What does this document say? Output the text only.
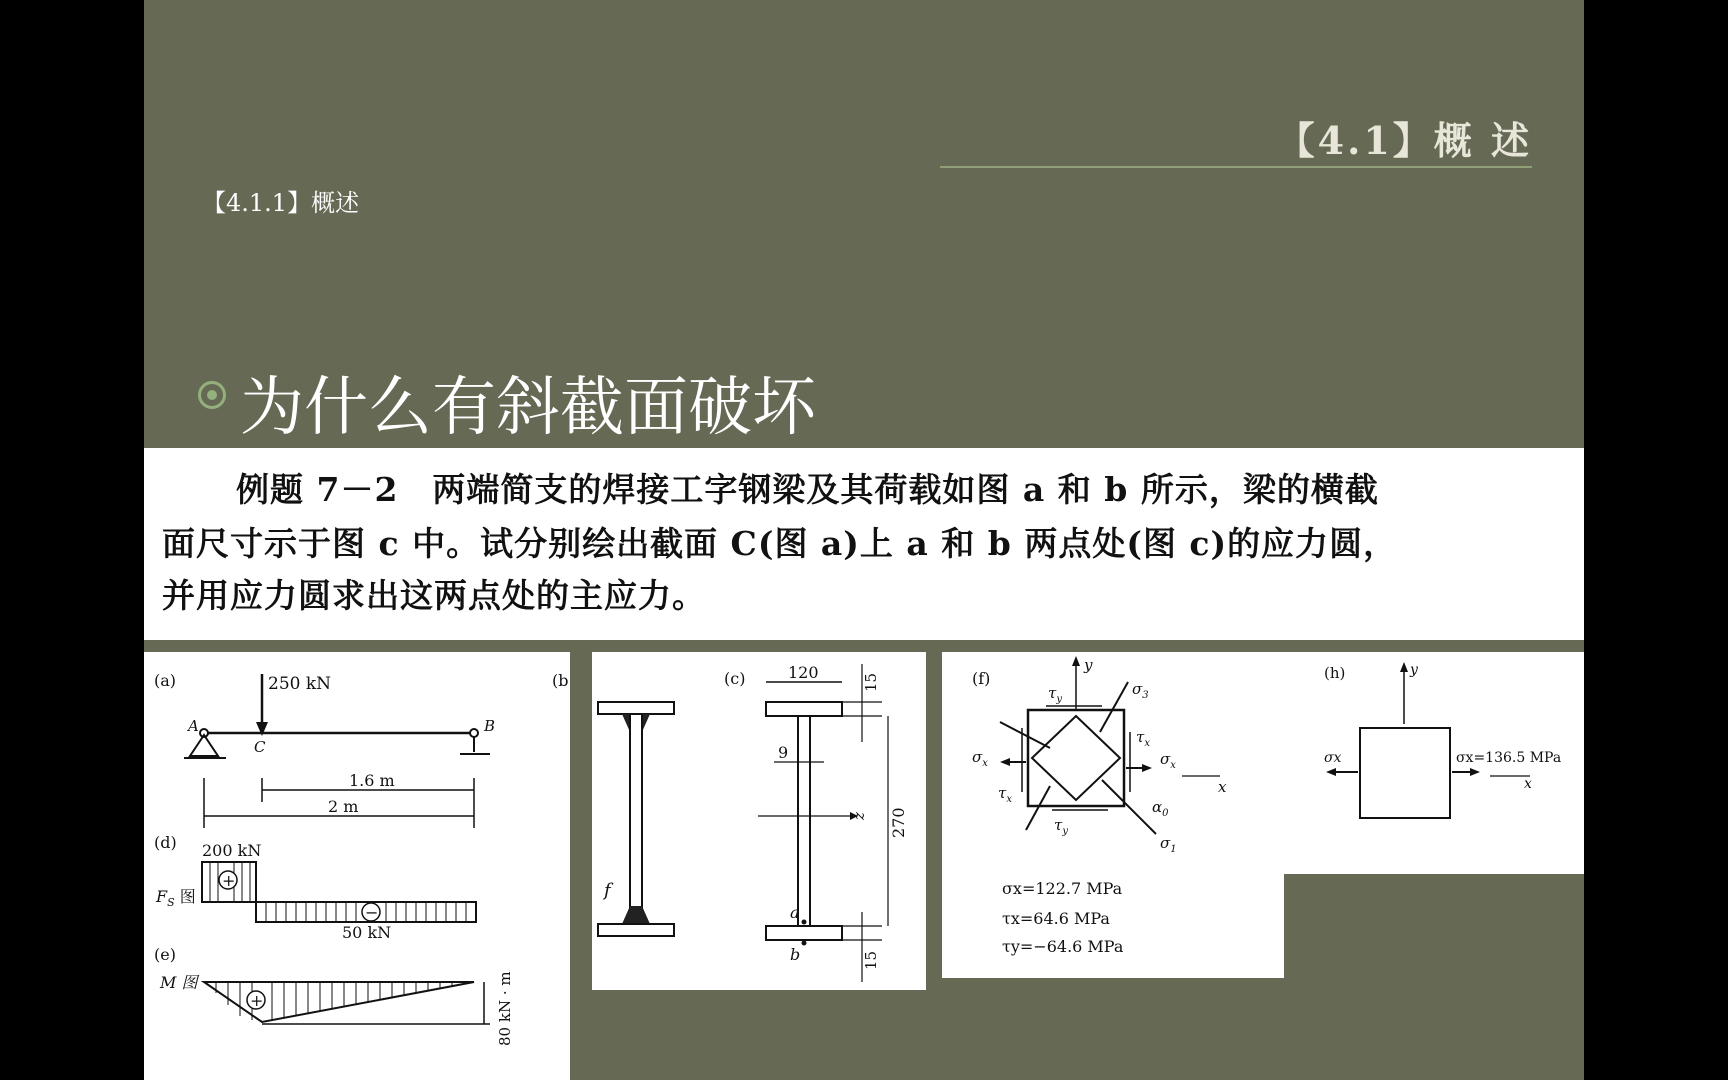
【4.1】概 述
【4.1.1】概述
为什么有斜截面破坏

例题 7－2　两端简支的焊接工字钢梁及其荷载如图 a 和 b 所示，梁的横截

面尺寸示于图 c 中。试分别绘出截面 C(图 a)上 a 和 b 两点处(图 c)的应力圆，

并用应力圆求出这两点处的主应力。

(a)	(b
250 kN
A	B
C
1.6 m
2 m
(d) 200 kN
+
−
$F_S$ 图
50 kN
(e)
M 图
+	80 kN · m
f
(c)	120
15
9
z 270
a
b	15
(f)
y
$\sigma_x$	$\sigma_x$
x
$\tau_y$
$\tau_y$
$\tau_x$
$\tau_x$
$\sigma_3$
$\sigma_1$
$\alpha_0$
σx=122.7 MPa
τx=64.6 MPa
τy=−64.6 MPa
(h)	y
σx	σx=136.5 MPa
x
